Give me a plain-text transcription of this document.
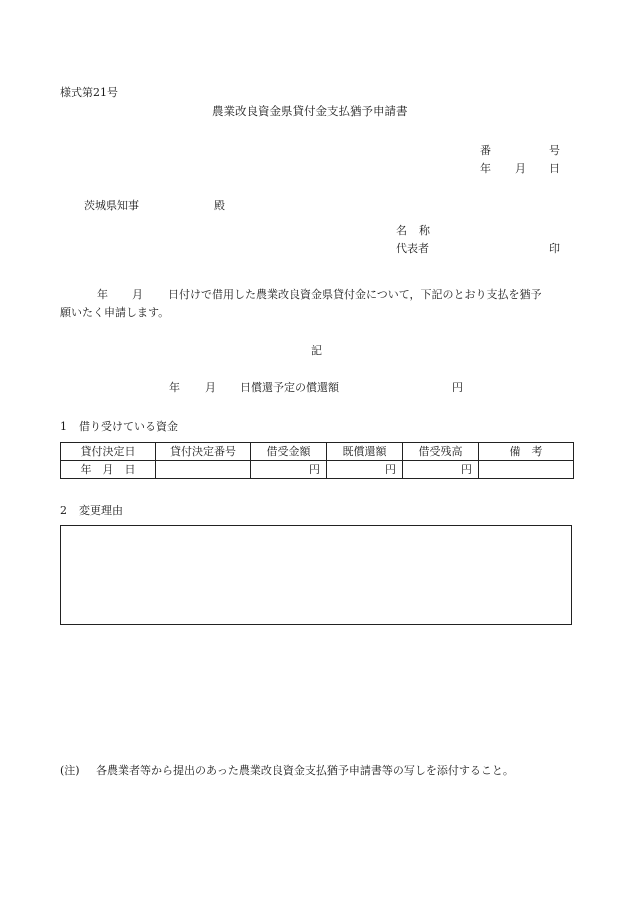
様式第21号
農業改良資金県貸付金支払猶予申請書
番	号
年 月 日
茨城県知事	殿
名 称
代表者	印
年 月 日付けで借用した農業改良資金県貸付金について，下記のとおり支払を猶予
願いたく申請します。
記
年 月 日償還予定の償還額	円
1 借り受けている資金
貸付決定日	貸付決定番号	借受金額	既償還額	借受残高	備　考
年　月　日		円	円	円	
2 変更理由
(注) 各農業者等から提出のあった農業改良資金支払猶予申請書等の写しを添付すること。
